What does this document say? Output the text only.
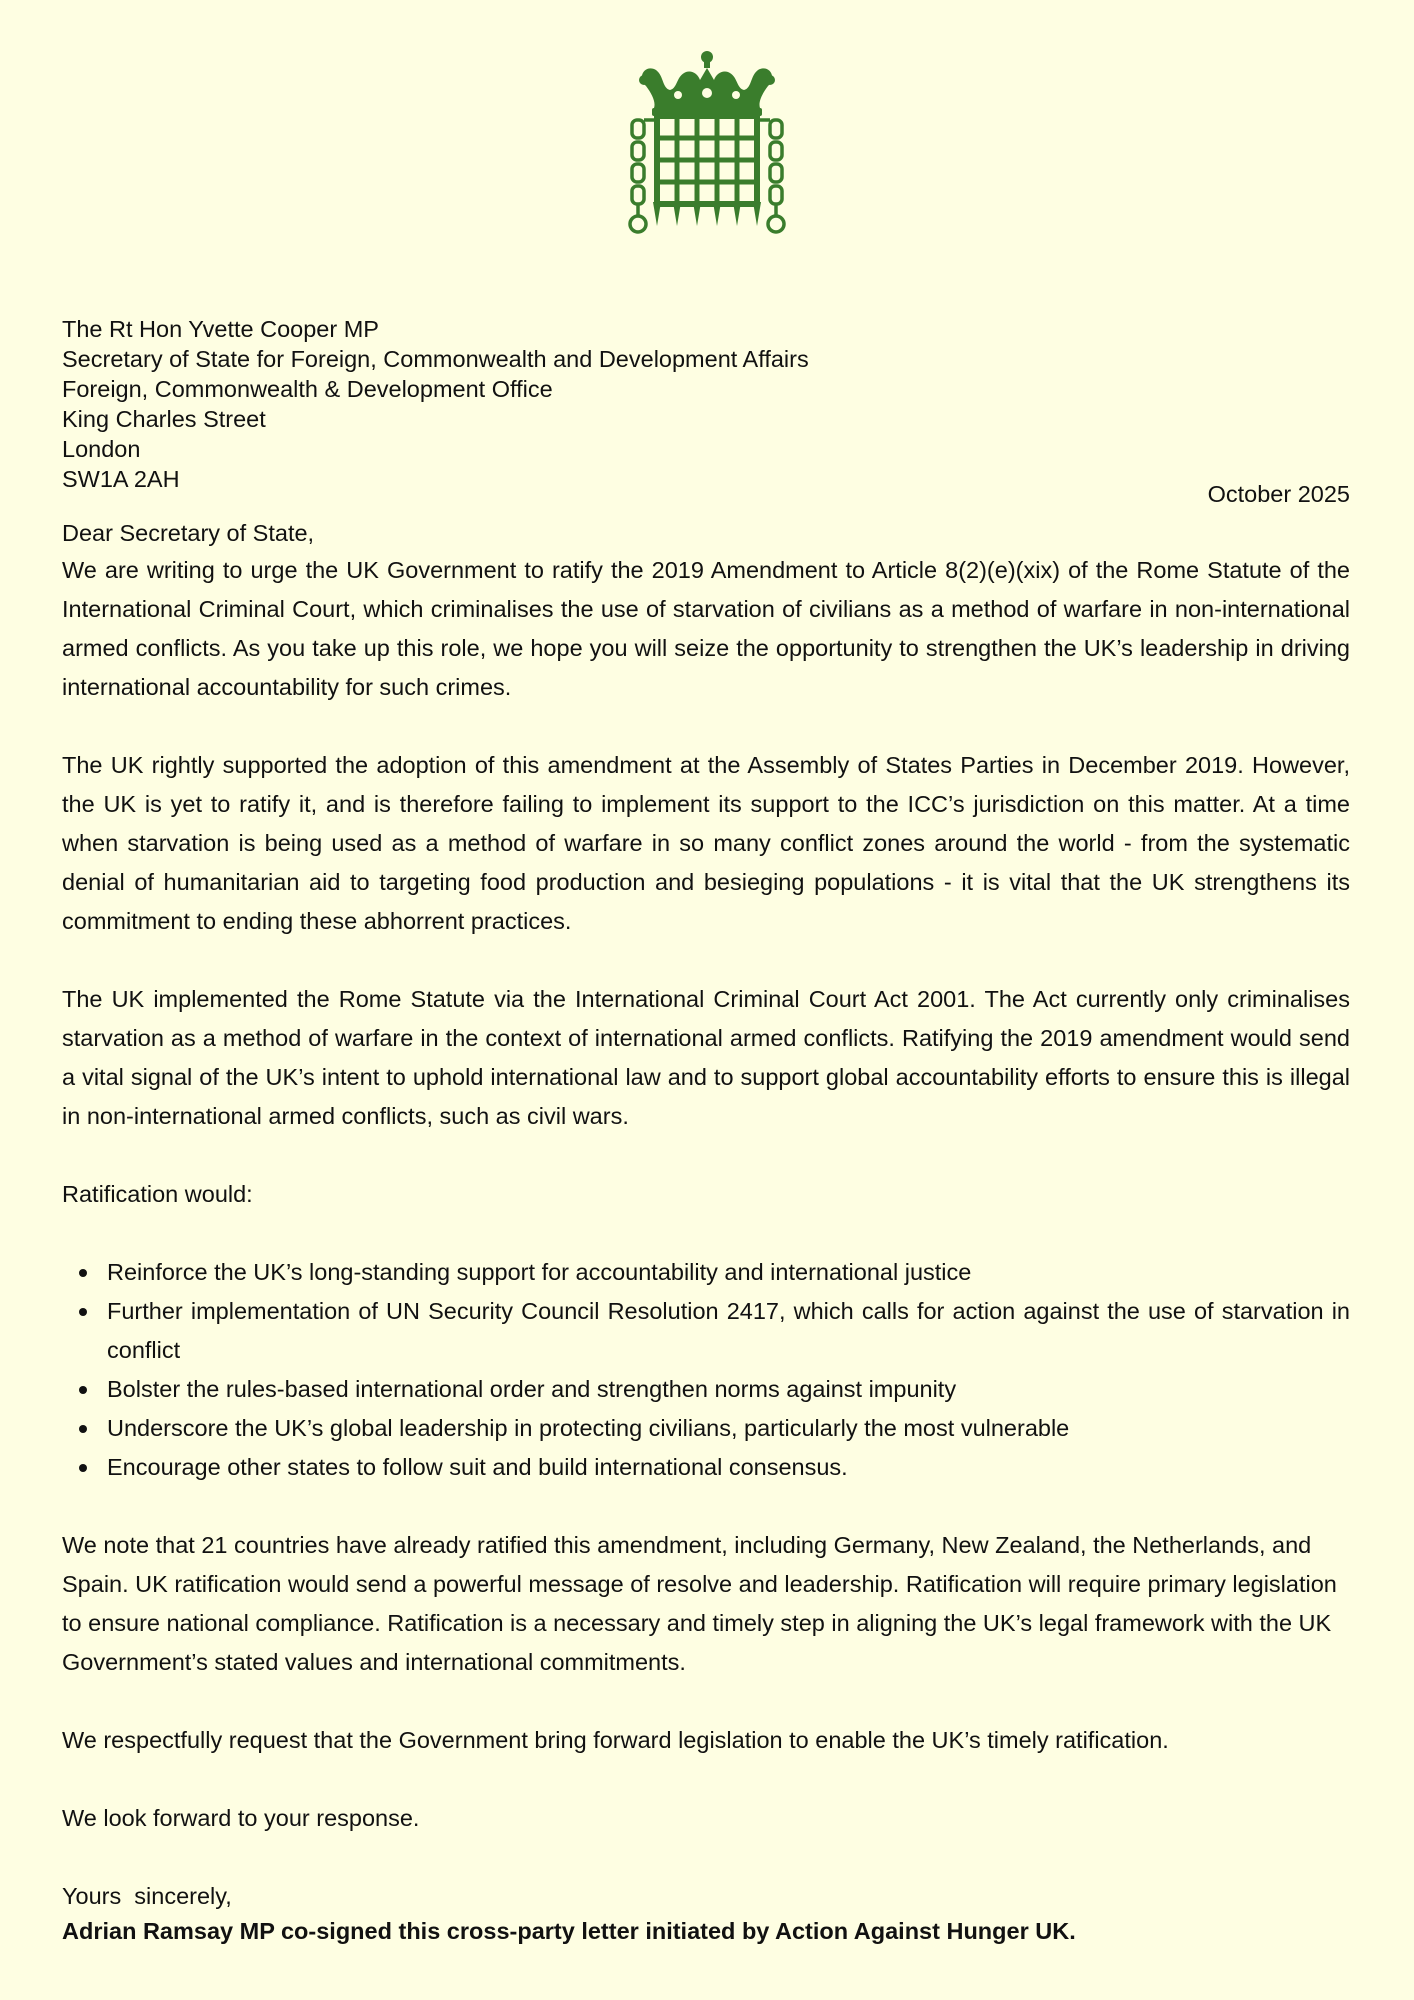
The Rt Hon Yvette Cooper MP
Secretary of State for Foreign, Commonwealth and Development Affairs
Foreign, Commonwealth & Development Office
King Charles Street
London
SW1A 2AH
October 2025

Dear Secretary of State,

We are writing to urge the UK Government to ratify the 2019 Amendment to Article 8(2)(e)(xix) of the Rome Statute of the International Criminal Court, which criminalises the use of starvation of civilians as a method of warfare in non-international armed conflicts. As you take up this role, we hope you will seize the opportunity to strengthen the UK’s leadership in driving international accountability for such crimes.

The UK rightly supported the adoption of this amendment at the Assembly of States Parties in December 2019. However, the UK is yet to ratify it, and is therefore failing to implement its support to the ICC’s jurisdiction on this matter. At a time when starvation is being used as a method of warfare in so many conflict zones around the world - from the systematic denial of humanitarian aid to targeting food production and besieging populations - it is vital that the UK strengthens its commitment to ending these abhorrent practices.

The UK implemented the Rome Statute via the International Criminal Court Act 2001. The Act currently only criminalises starvation as a method of warfare in the context of international armed conflicts. Ratifying the 2019 amendment would send a vital signal of the UK’s intent to uphold international law and to support global accountability efforts to ensure this is illegal in non-international armed conflicts, such as civil wars.

Ratification would:

Reinforce the UK’s long-standing support for accountability and international justice
Further implementation of UN Security Council Resolution 2417, which calls for action against the use of starvation in conflict
Bolster the rules-based international order and strengthen norms against impunity
Underscore the UK’s global leadership in protecting civilians, particularly the most vulnerable
Encourage other states to follow suit and build international consensus.

We note that 21 countries have already ratified this amendment, including Germany, New Zealand, the Netherlands, and Spain. UK ratification would send a powerful message of resolve and leadership. Ratification will require primary legislation to ensure national compliance. Ratification is a necessary and timely step in aligning the UK’s legal framework with the UK Government’s stated values and international commitments.

We respectfully request that the Government bring forward legislation to enable the UK’s timely ratification.

We look forward to your response.

Yours  sincerely,

Adrian Ramsay MP co-signed this cross-party letter initiated by Action Against Hunger UK.
